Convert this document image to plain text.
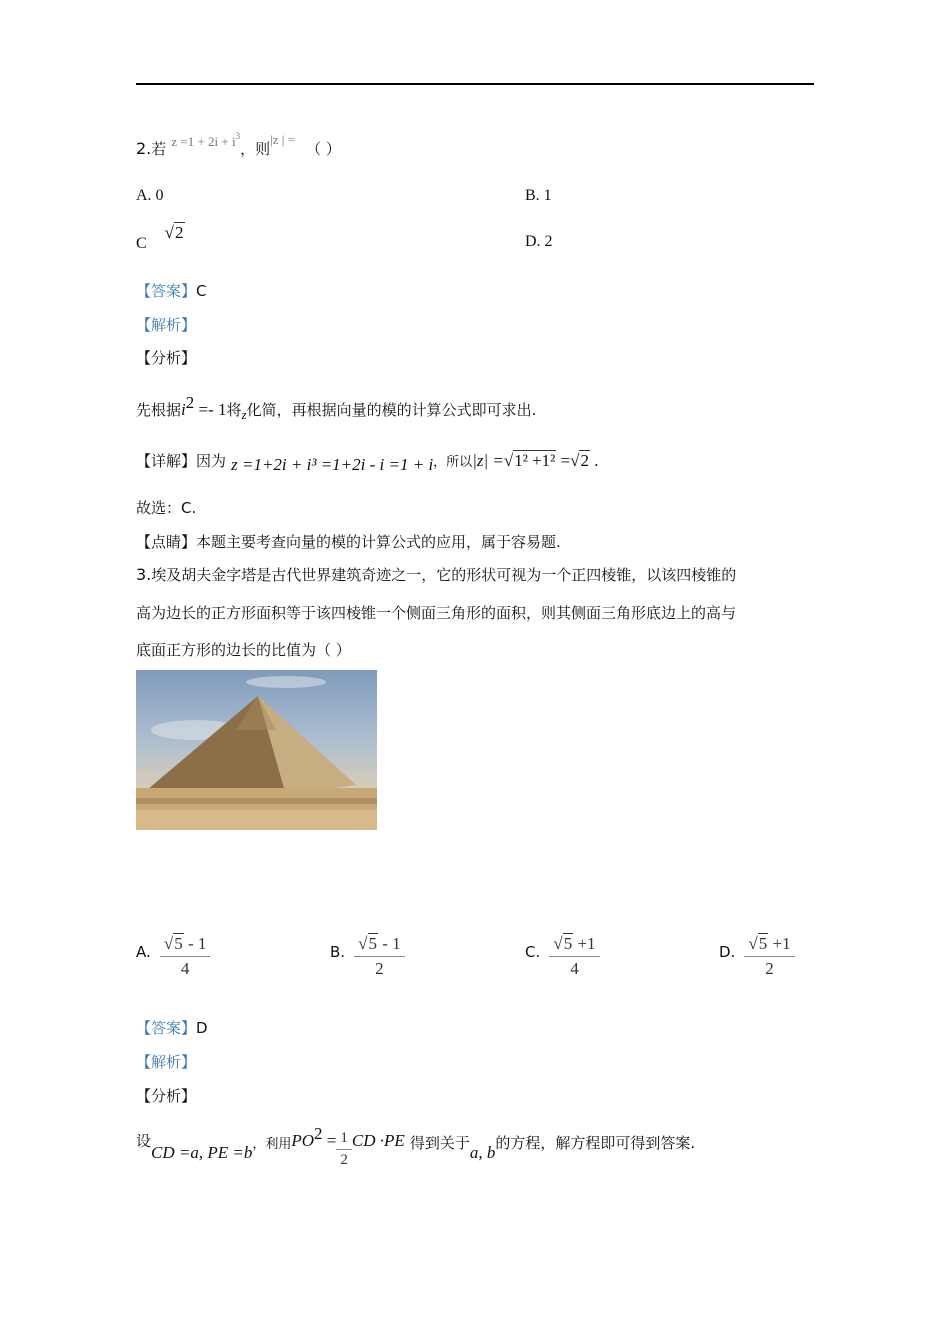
2.若 $^{z =1 + 2i + i^3}$，则$^{|z | =}$ （ ）
A. 0	B. 1
C √2	D. 2
【答案】C
【解析】
【分析】
先根据$i^2 =- 1$将$_z$化简，再根据向量的模的计算公式即可求出.
【详解】因为 z =1+2i + i³ =1+2i - i =1 + i，所以|z| =√1² +1² =√2 .
故选：C.
【点睛】本题主要考查向量的模的计算公式的应用，属于容易题.
3.埃及胡夫金字塔是古代世界建筑奇迹之一，它的形状可视为一个正四棱锥，以该四棱锥的
高为边长的正方形面积等于该四棱锥一个侧面三角形的面积，则其侧面三角形底边上的高与
底面正方形的边长的比值为（ ）
A. $\frac{√5 - 1}{4}$	B. $\frac{√5 - 1}{2}$	C. $\frac{√5 +1}{4}$	D. $\frac{√5 +1}{2}$
【答案】D
【解析】
【分析】
设CD =a, PE $=b^{,利用}PO^2 = \frac{1}{2}$ CD ·PE 得到关于a, b的方程，解方程即可得到答案.
